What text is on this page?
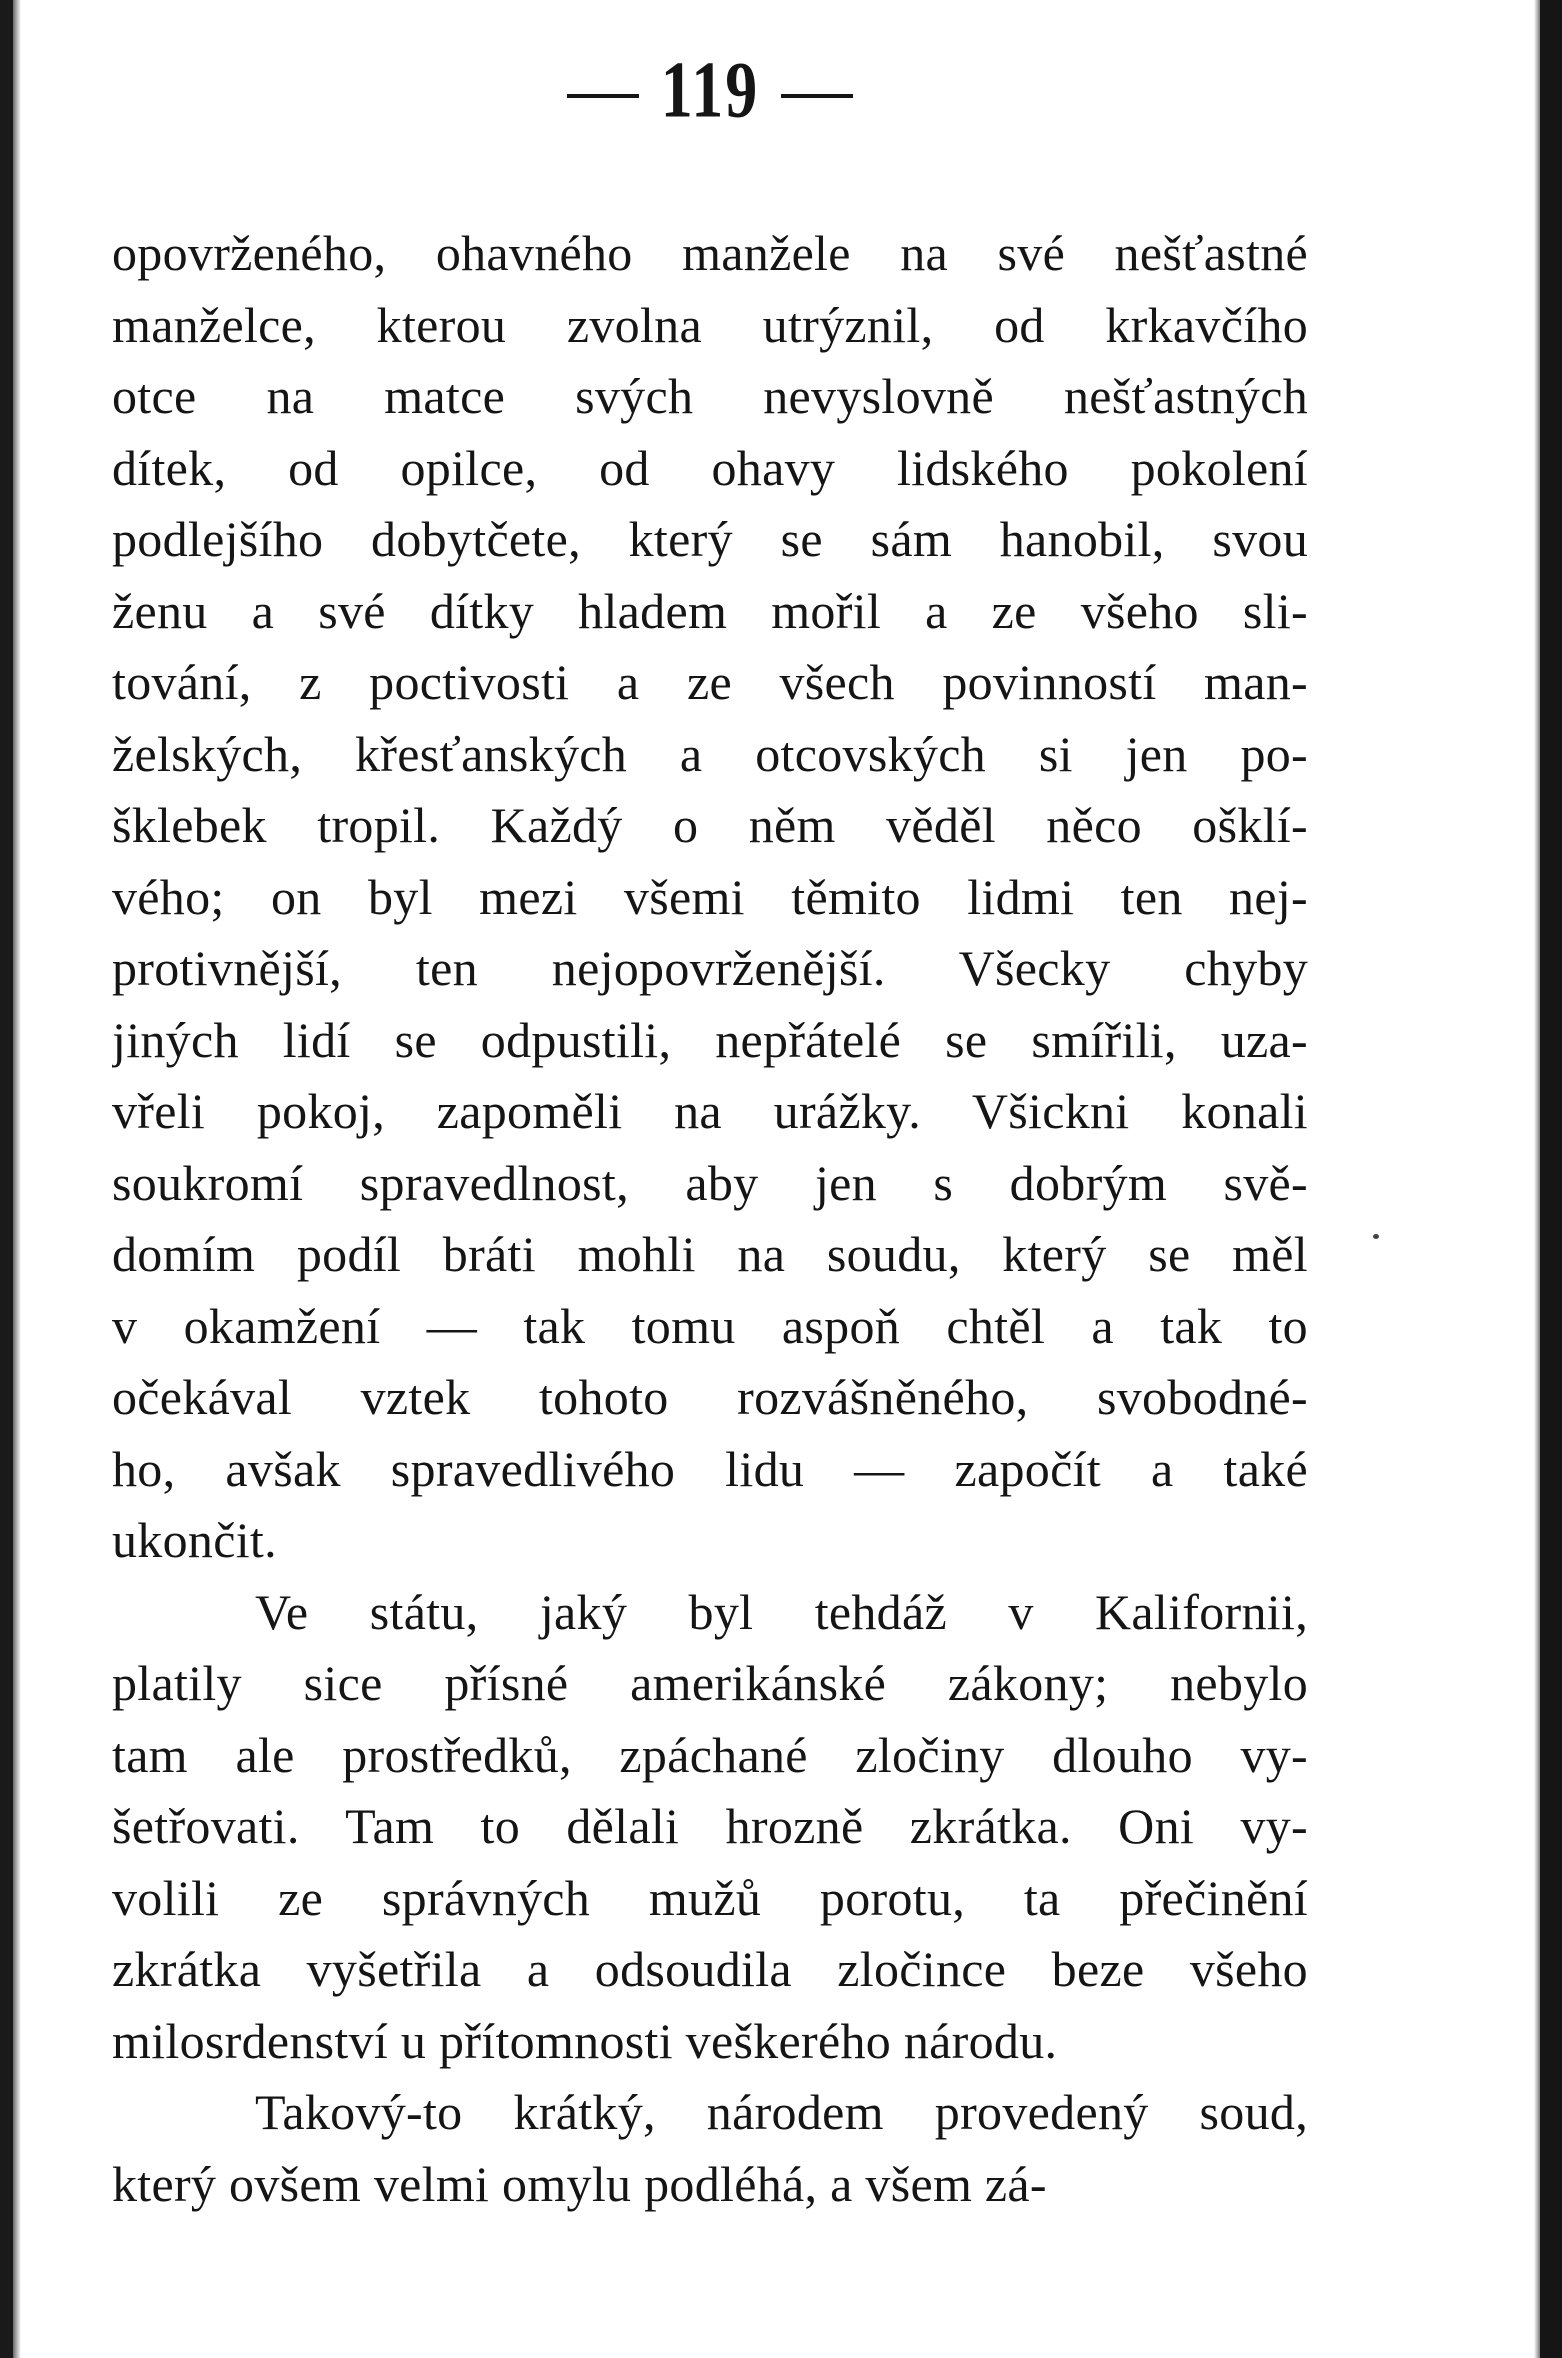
119
opovrženého, ohavného manžele na své nešťastné
manželce, kterou zvolna utrýznil, od krkavčího
otce na matce svých nevyslovně nešťastných
dítek, od opilce, od ohavy lidského pokolení
podlejšího dobytčete, který se sám hanobil, svou
ženu a své dítky hladem mořil a ze všeho sli-
tování, z poctivosti a ze všech povinností man-
želských, křesťanských a otcovských si jen po-
šklebek tropil. Každý o něm věděl něco ošklí-
vého; on byl mezi všemi těmito lidmi ten nej-
protivnější, ten nejopovrženější. Všecky chyby
jiných lidí se odpustili, nepřátelé se smířili, uza-
vřeli pokoj, zapoměli na urážky. Všickni konali
soukromí spravedlnost, aby jen s dobrým svě-
domím podíl bráti mohli na soudu, který se měl
v okamžení — tak tomu aspoň chtěl a tak to
očekával vztek tohoto rozvášněného, svobodné-
ho, avšak spravedlivého lidu — započít a také
ukončit.
Ve státu, jaký byl tehdáž v Kalifornii,
platily sice přísné amerikánské zákony; nebylo
tam ale prostředků, zpáchané zločiny dlouho vy-
šetřovati. Tam to dělali hrozně zkrátka. Oni vy-
volili ze správných mužů porotu, ta přečinění
zkrátka vyšetřila a odsoudila zločince beze všeho
milosrdenství u přítomnosti veškerého národu.
Takový-to krátký, národem provedený soud,
který ovšem velmi omylu podléhá, a všem zá-
